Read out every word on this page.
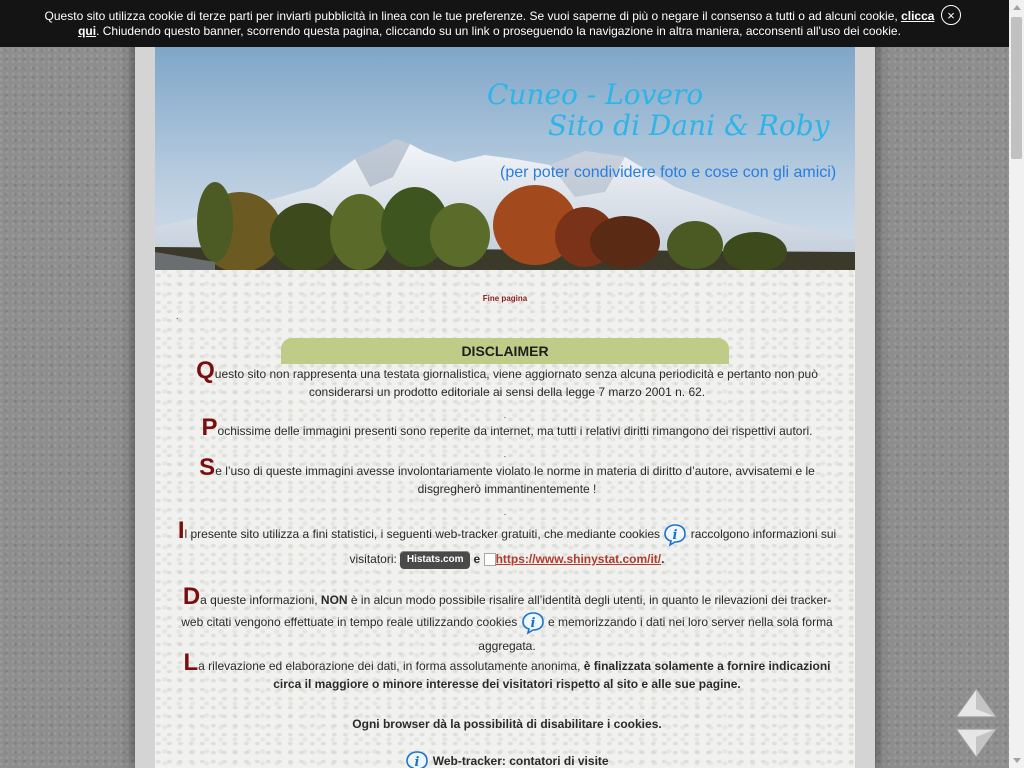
Questo sito utilizza cookie di terze parti per inviarti pubblicità in linea con le tue preferenze. Se vuoi saperne di più o negare il consenso a tutti o ad alcuni cookie, clicca qui. Chiudendo questo banner, scorrendo questa pagina, cliccando su un link o proseguendo la navigazione in altra maniera, acconsenti all'uso dei cookie.
×
Cuneo - Lovero
Sito di Dani & Roby
(per poter condividere foto e cose con gli amici)
Fine pagina
.
DISCLAIMER
Questo sito non rappresenta una testata giornalistica, viene aggiornato senza alcuna periodicità e pertanto non può considerarsi un prodotto editoriale ai sensi della legge 7 marzo 2001 n. 62.
.
Pochissime delle immagini presenti sono reperite da internet, ma tutti i relativi diritti rimangono dei rispettivi autori.
.
Se l’uso di queste immagini avesse involontariamente violato le norme in materia di diritto d’autore, avvisatemi e le disgregherò immantinentemente !
.
Il presente sito utilizza a fini statistici, i seguenti web-tracker gratuiti, che mediante cookies i raccolgono informazioni sui visitatori: Histats.com e https://www.shinystat.com/it/.
Da queste informazioni, NON è in alcun modo possibile risalire all’identità degli utenti, in quanto le rilevazioni dei tracker-web citati vengono effettuate in tempo reale utilizzando cookies i e memorizzando i dati nei loro server nella sola forma aggregata.
La rilevazione ed elaborazione dei dati, in forma assolutamente anonima, è finalizzata solamente a fornire indicazioni circa il maggiore o minore interesse dei visitatori rispetto al sito e alle sue pagine.
Ogni browser dà la possibilità di disabilitare i cookies.
i Web-tracker: contatori di visite
